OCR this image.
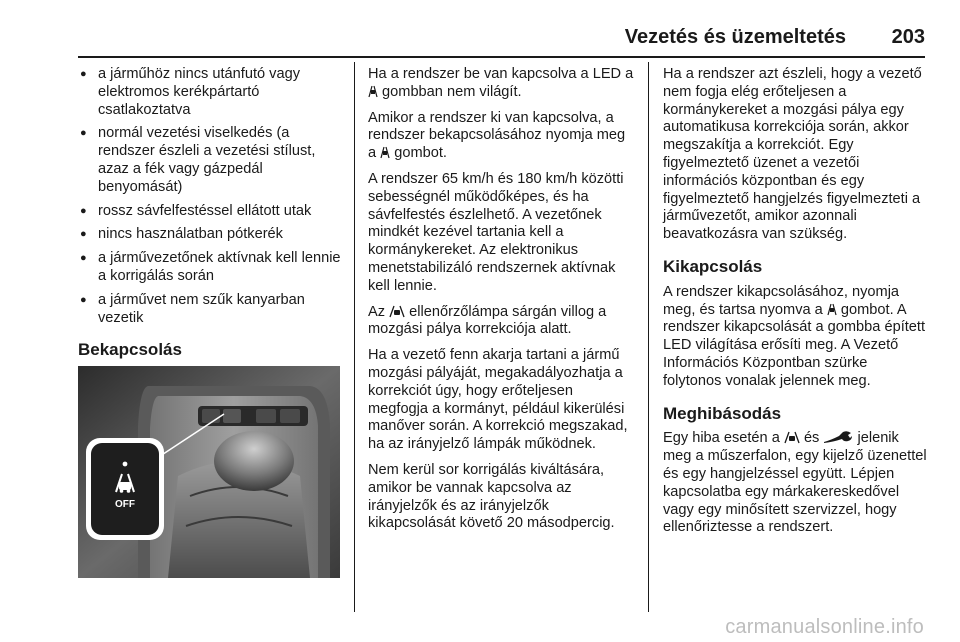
Vezetés és üzemeltetés 203
● a járműhöz nincs utánfutó vagy elektromos kerékpártartó csatlakoztatva
● normál vezetési viselkedés (a rendszer észleli a vezetési stílust, azaz a fék vagy gázpedál benyomását)
● rossz sávfelfestéssel ellátott utak
● nincs használatban pótkerék
● a járművezetőnek aktívnak kell lennie a korrigálás során
● a járművet nem szűk kanyarban vezetik
Bekapcsolás
OFF

Ha a rendszer be van kapcsolva a LED a  gombban nem világít.

Amikor a rendszer ki van kapcsolva, a rendszer bekapcsolásához nyomja meg a  gombot.

A rendszer 65 km/h és 180 km/h közötti sebességnél működőképes, és ha sávfelfestés észlelhető. A vezetőnek mindkét kezével tartania kell a kormánykereket. Az elektronikus menetstabilizáló rendszernek aktívnak kell lennie.

Az  ellenőrzőlámpa sárgán villog a mozgási pálya korrekciója alatt.

Ha a vezető fenn akarja tartani a jármű mozgási pályáját, megakadályozhatja a korrekciót úgy, hogy erőteljesen megfogja a kormányt, például kikerülési manőver során. A korrekció megszakad, ha az irányjelző lámpák működnek.

Nem kerül sor korrigálás kiváltására, amikor be vannak kapcsolva az irányjelzők és az irányjelzők kikapcsolását követő 20 másodpercig.

Ha a rendszer azt észleli, hogy a vezető nem fogja elég erőteljesen a kormánykereket a mozgási pálya egy automatikusa korrekciója során, akkor megszakítja a korrekciót. Egy figyelmeztető üzenet a vezetői információs központban és egy figyelmeztető hangjelzés figyelmezteti a járművezetőt, amikor azonnali beavatkozásra van szükség.

Kikapcsolás

A rendszer kikapcsolásához, nyomja meg, és tartsa nyomva a  gombot. A rendszer kikapcsolását a gombba épített LED világítása erősíti meg. A Vezető Információs Központban szürke folytonos vonalak jelennek meg.

Meghibásodás

Egy hiba esetén a  és  jelenik meg a műszerfalon, egy kijelző üzenettel és egy hangjelzéssel együtt. Lépjen kapcsolatba egy márkakereskedővel vagy egy minősített szervizzel, hogy ellenőriztesse a rendszert.

carmanualsonline.info
